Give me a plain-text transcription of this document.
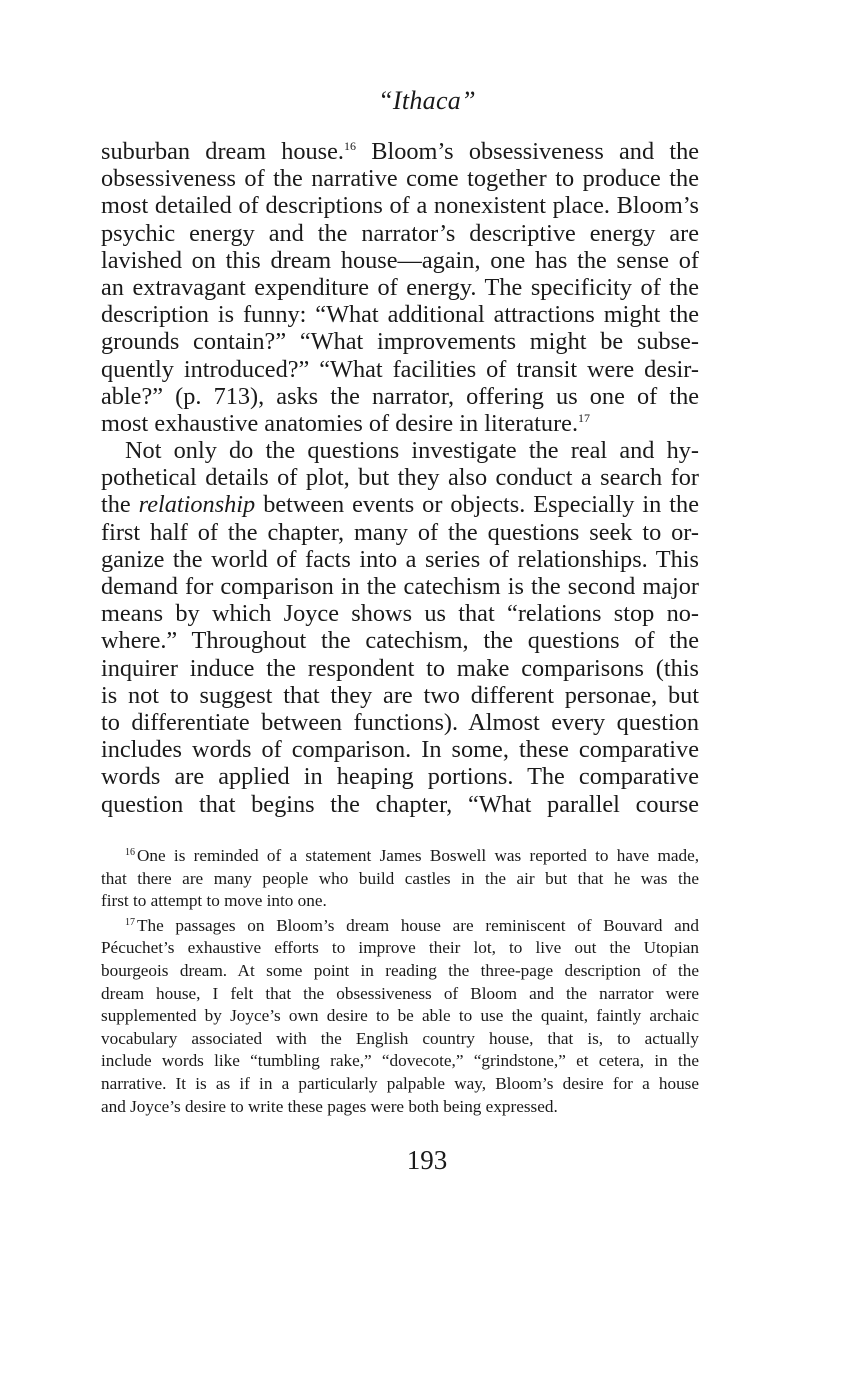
“Ithaca”
suburban dream house.$^{16}$ Bloom’s obsessiveness and the
obsessiveness of the narrative come together to produce the
most detailed of descriptions of a nonexistent place. Bloom’s
psychic energy and the narrator’s descriptive energy are
lavished on this dream house—again, one has the sense of
an extravagant expenditure of energy. The specificity of the
description is funny: “What additional attractions might the
grounds contain?” “What improvements might be subse-
quently introduced?” “What facilities of transit were desir-
able?” (p. 713), asks the narrator, offering us one of the
most exhaustive anatomies of desire in literature.$^{17}$
Not only do the questions investigate the real and hy-
pothetical details of plot, but they also conduct a search for
the relationship between events or objects. Especially in the
first half of the chapter, many of the questions seek to or-
ganize the world of facts into a series of relationships. This
demand for comparison in the catechism is the second major
means by which Joyce shows us that “relations stop no-
where.” Throughout the catechism, the questions of the
inquirer induce the respondent to make comparisons (this
is not to suggest that they are two different personae, but
to differentiate between functions). Almost every question
includes words of comparison. In some, these comparative
words are applied in heaping portions. The comparative
question that begins the chapter, “What parallel course
$^{16}$ One is reminded of a statement James Boswell was reported to have made,
that there are many people who build castles in the air but that he was the
first to attempt to move into one.
$^{17}$ The passages on Bloom’s dream house are reminiscent of Bouvard and
Pécuchet’s exhaustive efforts to improve their lot, to live out the Utopian
bourgeois dream. At some point in reading the three-page description of the
dream house, I felt that the obsessiveness of Bloom and the narrator were
supplemented by Joyce’s own desire to be able to use the quaint, faintly archaic
vocabulary associated with the English country house, that is, to actually
include words like “tumbling rake,” “dovecote,” “grindstone,” et cetera, in the
narrative. It is as if in a particularly palpable way, Bloom’s desire for a house
and Joyce’s desire to write these pages were both being expressed.
193
